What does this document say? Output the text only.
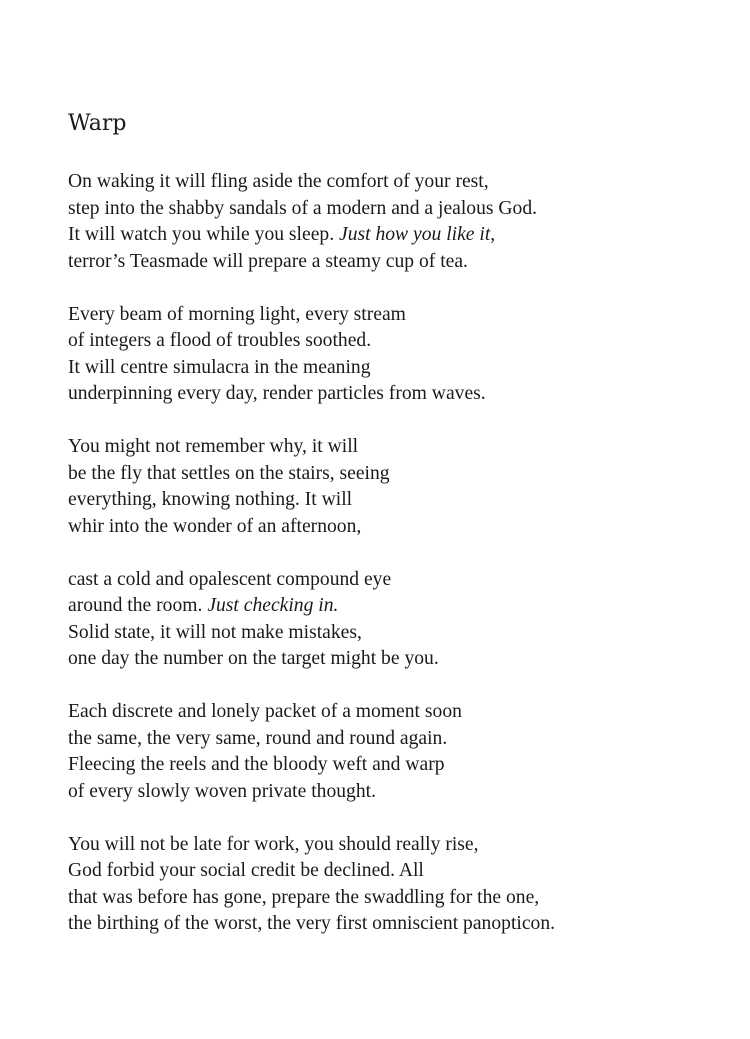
Warp
On waking it will fling aside the comfort of your rest,
step into the shabby sandals of a modern and a jealous God.
It will watch you while you sleep. Just how you like it,
terror’s Teasmade will prepare a steamy cup of tea.
Every beam of morning light, every stream
of integers a flood of troubles soothed.
It will centre simulacra in the meaning
underpinning every day, render particles from waves.
You might not remember why, it will
be the fly that settles on the stairs, seeing
everything, knowing nothing. It will
whir into the wonder of an afternoon,
cast a cold and opalescent compound eye
around the room. Just checking in.
Solid state, it will not make mistakes,
one day the number on the target might be you.
Each discrete and lonely packet of a moment soon
the same, the very same, round and round again.
Fleecing the reels and the bloody weft and warp
of every slowly woven private thought.
You will not be late for work, you should really rise,
God forbid your social credit be declined. All
that was before has gone, prepare the swaddling for the one,
the birthing of the worst, the very first omniscient panopticon.
